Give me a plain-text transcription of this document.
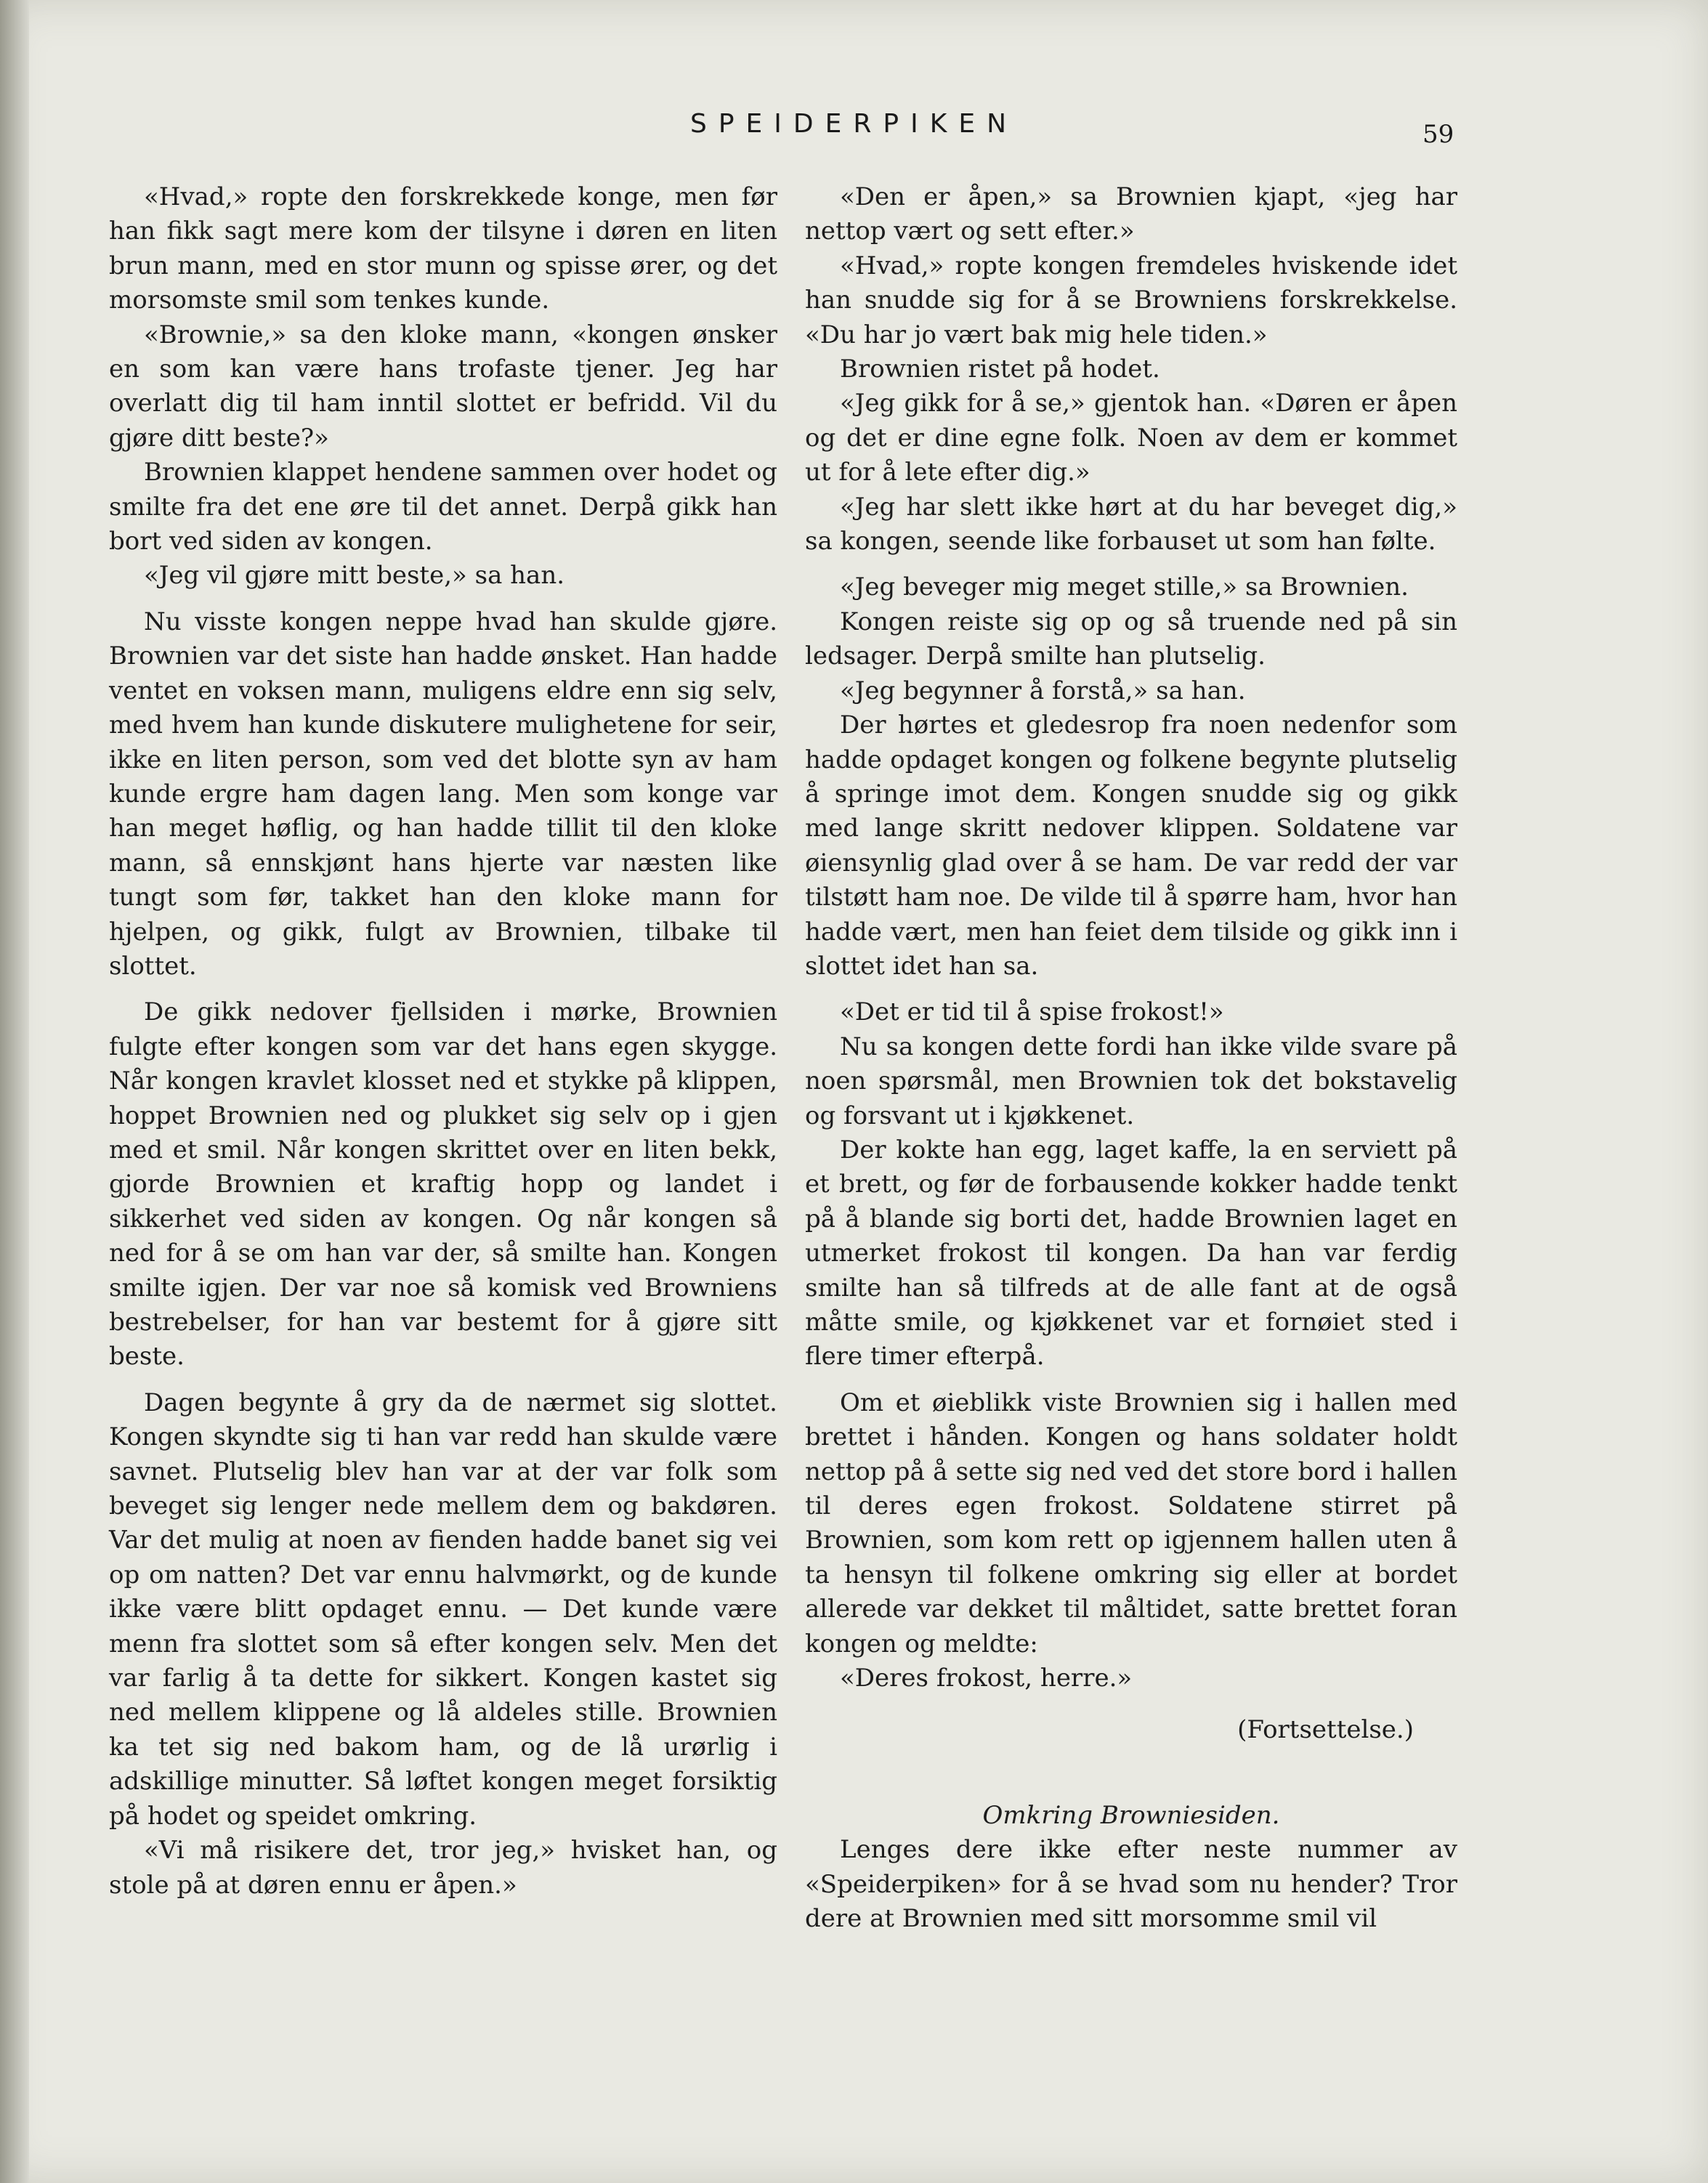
SPEIDERPIKEN	59

«Hvad,» ropte den forskrekkede konge, men før han fikk sagt mere kom der tilsyne i døren en liten brun mann, med en stor munn og spisse ører, og det morsomste smil som tenkes kunde.

«Brownie,» sa den kloke mann, «kongen ønsker en som kan være hans trofaste tjener. Jeg har overlatt dig til ham inntil slottet er befridd. Vil du gjøre ditt beste?»

Brownien klappet hendene sammen over hodet og smilte fra det ene øre til det annet. Derpå gikk han bort ved siden av kongen.

«Jeg vil gjøre mitt beste,» sa han.

Nu visste kongen neppe hvad han skulde gjøre. Brownien var det siste han hadde ønsket. Han hadde ventet en voksen mann, muligens eldre enn sig selv, med hvem han kunde diskutere mulighetene for seir, ikke en liten person, som ved det blotte syn av ham kunde ergre ham dagen lang. Men som konge var han meget høflig, og han hadde tillit til den kloke mann, så ennskjønt hans hjerte var næsten like tungt som før, takket han den kloke mann for hjelpen, og gikk, fulgt av Brownien, tilbake til slottet.

De gikk nedover fjellsiden i mørke, Brownien fulgte efter kongen som var det hans egen skygge. Når kongen kravlet klosset ned et stykke på klippen, hoppet Brownien ned og plukket sig selv op i gjen med et smil. Når kongen skrittet over en liten bekk, gjorde Brownien et kraftig hopp og landet i sikkerhet ved siden av kongen. Og når kongen så ned for å se om han var der, så smilte han. Kongen smilte igjen. Der var noe så komisk ved Browniens bestrebelser, for han var bestemt for å gjøre sitt beste.

Dagen begynte å gry da de nærmet sig slottet. Kongen skyndte sig ti han var redd han skulde være savnet. Plutselig blev han var at der var folk som beveget sig lenger nede mellem dem og bakdøren. Var det mulig at noen av fienden hadde banet sig vei op om natten? Det var ennu halvmørkt, og de kunde ikke være blitt opdaget ennu. — Det kunde være menn fra slottet som så efter kongen selv. Men det var farlig å ta dette for sikkert. Kongen kastet sig ned mellem klippene og lå aldeles stille. Brownien ka tet sig ned bakom ham, og de lå urørlig i adskillige minutter. Så løftet kongen meget forsiktig på hodet og speidet omkring.

«Vi må risikere det, tror jeg,» hvisket han, og stole på at døren ennu er åpen.»

«Den er åpen,» sa Brownien kjapt, «jeg har nettop vært og sett efter.»

«Hvad,» ropte kongen fremdeles hviskende idet han snudde sig for å se Browniens forskrekkelse. «Du har jo vært bak mig hele tiden.»

Brownien ristet på hodet.

«Jeg gikk for å se,» gjentok han. «Døren er åpen og det er dine egne folk. Noen av dem er kommet ut for å lete efter dig.»

«Jeg har slett ikke hørt at du har beveget dig,» sa kongen, seende like forbauset ut som han følte.

«Jeg beveger mig meget stille,» sa Brownien.

Kongen reiste sig op og så truende ned på sin ledsager. Derpå smilte han plutselig.

«Jeg begynner å forstå,» sa han.

Der hørtes et gledesrop fra noen nedenfor som hadde opdaget kongen og folkene begynte plutselig å springe imot dem. Kongen snudde sig og gikk med lange skritt nedover klippen. Soldatene var øiensynlig glad over å se ham. De var redd der var tilstøtt ham noe. De vilde til å spørre ham, hvor han hadde vært, men han feiet dem tilside og gikk inn i slottet idet han sa.

«Det er tid til å spise frokost!»

Nu sa kongen dette fordi han ikke vilde svare på noen spørsmål, men Brownien tok det bokstavelig og forsvant ut i kjøkkenet.

Der kokte han egg, laget kaffe, la en serviett på et brett, og før de forbausende kokker hadde tenkt på å blande sig borti det, hadde Brownien laget en utmerket frokost til kongen. Da han var ferdig smilte han så tilfreds at de alle fant at de også måtte smile, og kjøkkenet var et fornøiet sted i flere timer efterpå.

Om et øieblikk viste Brownien sig i hallen med brettet i hånden. Kongen og hans soldater holdt nettop på å sette sig ned ved det store bord i hallen til deres egen frokost. Soldatene stirret på Brownien, som kom rett op igjennem hallen uten å ta hensyn til folkene omkring sig eller at bordet allerede var dekket til måltidet, satte brettet foran kongen og meldte:

«Deres frokost, herre.»

(Fortsettelse.)

Omkring Browniesiden.

Lenges dere ikke efter neste nummer av «Speiderpiken» for å se hvad som nu hender? Tror dere at Brownien med sitt morsomme smil vil
